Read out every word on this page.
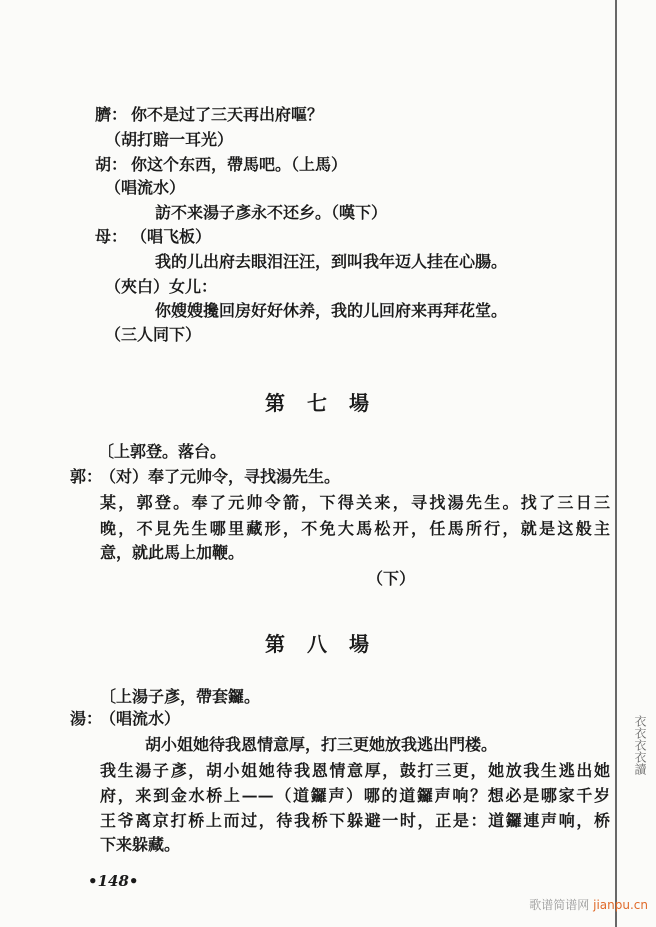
臍： 你不是过了三天再出府嘔？
（胡打賠一耳光）
胡： 你这个东西，帶馬吧。（上馬）
（唱流水）
訪不来湯子彥永不还乡。（嘆下）
母： （唱飞板）
我的儿出府去眼泪汪汪，到叫我年迈人挂在心腸。
（夾白）女儿：
你嫂嫂攙回房好好休养，我的儿回府来再拜花堂。
（三人同下）
第七場
〔上郭登。落台。
郭：
（对）奉了元帅令，寻找湯先生。
某，郭登。奉了元帅令箭，下得关来，寻找湯先生。找了三日三
晚，不見先生哪里藏形，不免大馬松开，任馬所行，就是这般主
意，就此馬上加鞭。
（下）
第八場
〔上湯子彥，帶套鑼。
湯：
（唱流水）
胡小姐她待我恩情意厚，打三更她放我逃出門楼。
我生湯子彥，胡小姐她待我恩情意厚，鼓打三更，她放我生逃出她
府，来到金水桥上——（道鑼声）哪的道鑼声响？想必是哪家千岁
王爷离京打桥上而过，待我桥下躲避一时，正是：道鑼連声响，桥
下来躲藏。
•148•
衣衣衣衣讀
歌谱简谱网 jianpu.cn
